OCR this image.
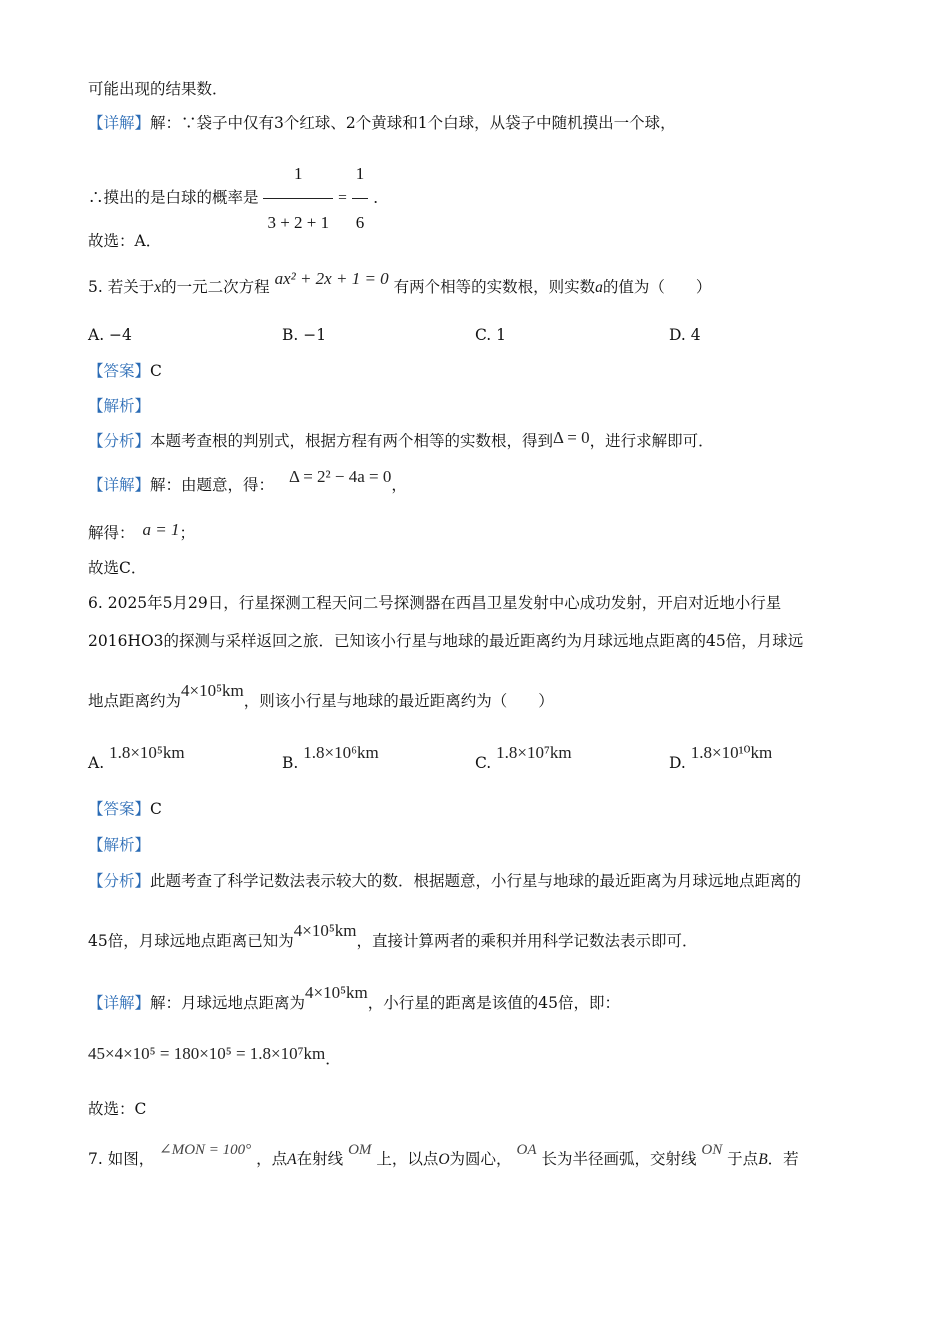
可能出现的结果数．
【详解】解：∵袋子中仅有3个红球、2个黄球和1个白球，从袋子中随机摸出一个球，
∴摸出的是白球的概率是 $\frac{1}{3 + 2 + 1} = \frac{1}{6}$ ．
故选：A．
5. 若关于x的一元二次方程 ax² + 2x + 1 = 0 有两个相等的实数根，则实数a的值为（　　）
A. −4	B. −1	C. 1	D. 4
【答案】C
【解析】
【分析】本题考查根的判别式，根据方程有两个相等的实数根，得到Δ = 0，进行求解即可．
【详解】解：由题意，得： Δ = 2² − 4a = 0，
解得： a = 1；
故选C．
6. 2025年5月29日，行星探测工程天问二号探测器在西昌卫星发射中心成功发射，开启对近地小行星
2016HO3的探测与采样返回之旅．已知该小行星与地球的最近距离约为月球远地点距离的45倍，月球远
地点距离约为4×10⁵km，则该小行星与地球的最近距离约为（　　）
A. 1.8×10⁵km
B. 1.8×10⁶km
C. 1.8×10⁷km
D. 1.8×10¹⁰km
【答案】C
【解析】
【分析】此题考查了科学记数法表示较大的数．根据题意，小行星与地球的最近距离为月球远地点距离的
45倍，月球远地点距离已知为4×10⁵km，直接计算两者的乘积并用科学记数法表示即可．
【详解】解：月球远地点距离为4×10⁵km，小行星的距离是该值的45倍，即：
45×4×10⁵ = 180×10⁵ = 1.8×10⁷km．
故选：C
7. 如图， ∠MON = 100° ，点A在射线 OM 上，以点O为圆心， OA 长为半径画弧，交射线 ON 于点B．若
